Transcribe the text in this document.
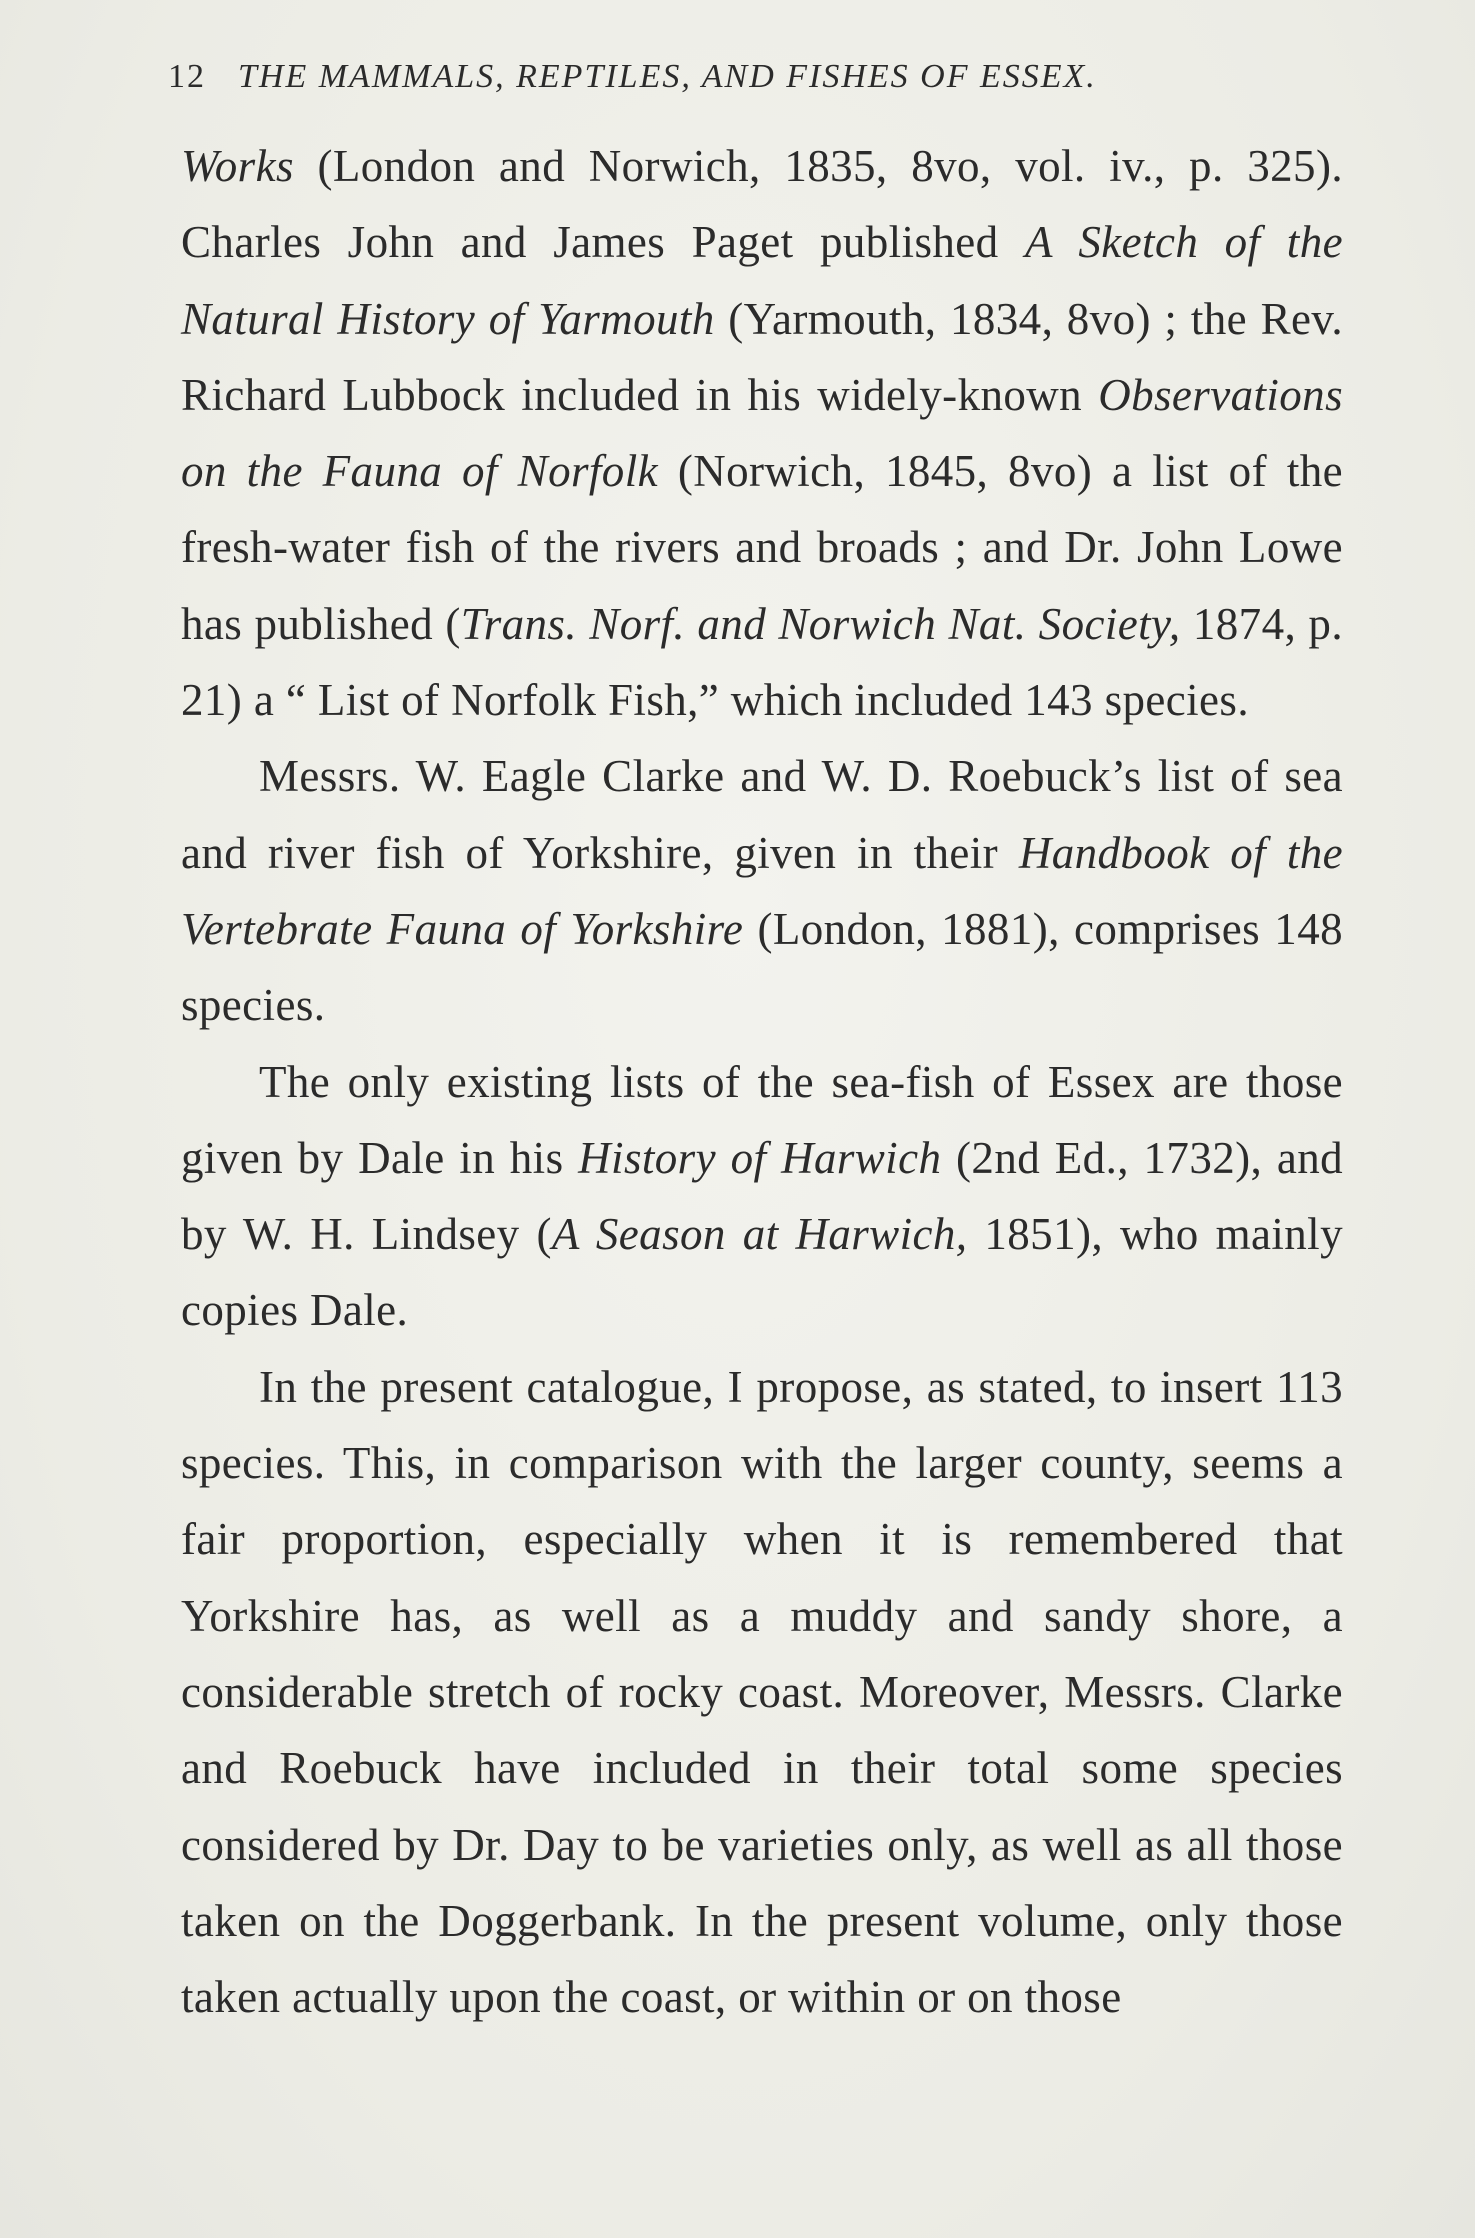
12 THE MAMMALS, REPTILES, AND FISHES OF ESSEX.

Works (London and Norwich, 1835, 8vo, vol. iv., p. 325). Charles John and James Paget published A Sketch of the Natural History of Yarmouth (Yarmouth, 1834, 8vo) ; the Rev. Richard Lubbock included in his widely-known Observations on the Fauna of Norfolk (Norwich, 1845, 8vo) a list of the fresh-water fish of the rivers and broads ; and Dr. John Lowe has published (Trans. Norf. and Norwich Nat. Society, 1874, p. 21) a “ List of Norfolk Fish,” which included 143 species.

Messrs. W. Eagle Clarke and W. D. Roebuck’s list of sea and river fish of Yorkshire, given in their Handbook of the Vertebrate Fauna of Yorkshire (London, 1881), comprises 148 species.

The only existing lists of the sea-fish of Essex are those given by Dale in his History of Harwich (2nd Ed., 1732), and by W. H. Lindsey (A Season at Harwich, 1851), who mainly copies Dale.

In the present catalogue, I propose, as stated, to insert 113 species. This, in comparison with the larger county, seems a fair proportion, especially when it is remembered that Yorkshire has, as well as a muddy and sandy shore, a considerable stretch of rocky coast. Moreover, Messrs. Clarke and Roebuck have included in their total some species considered by Dr. Day to be varieties only, as well as all those taken on the Doggerbank. In the present volume, only those taken actually upon the coast, or within or on those
